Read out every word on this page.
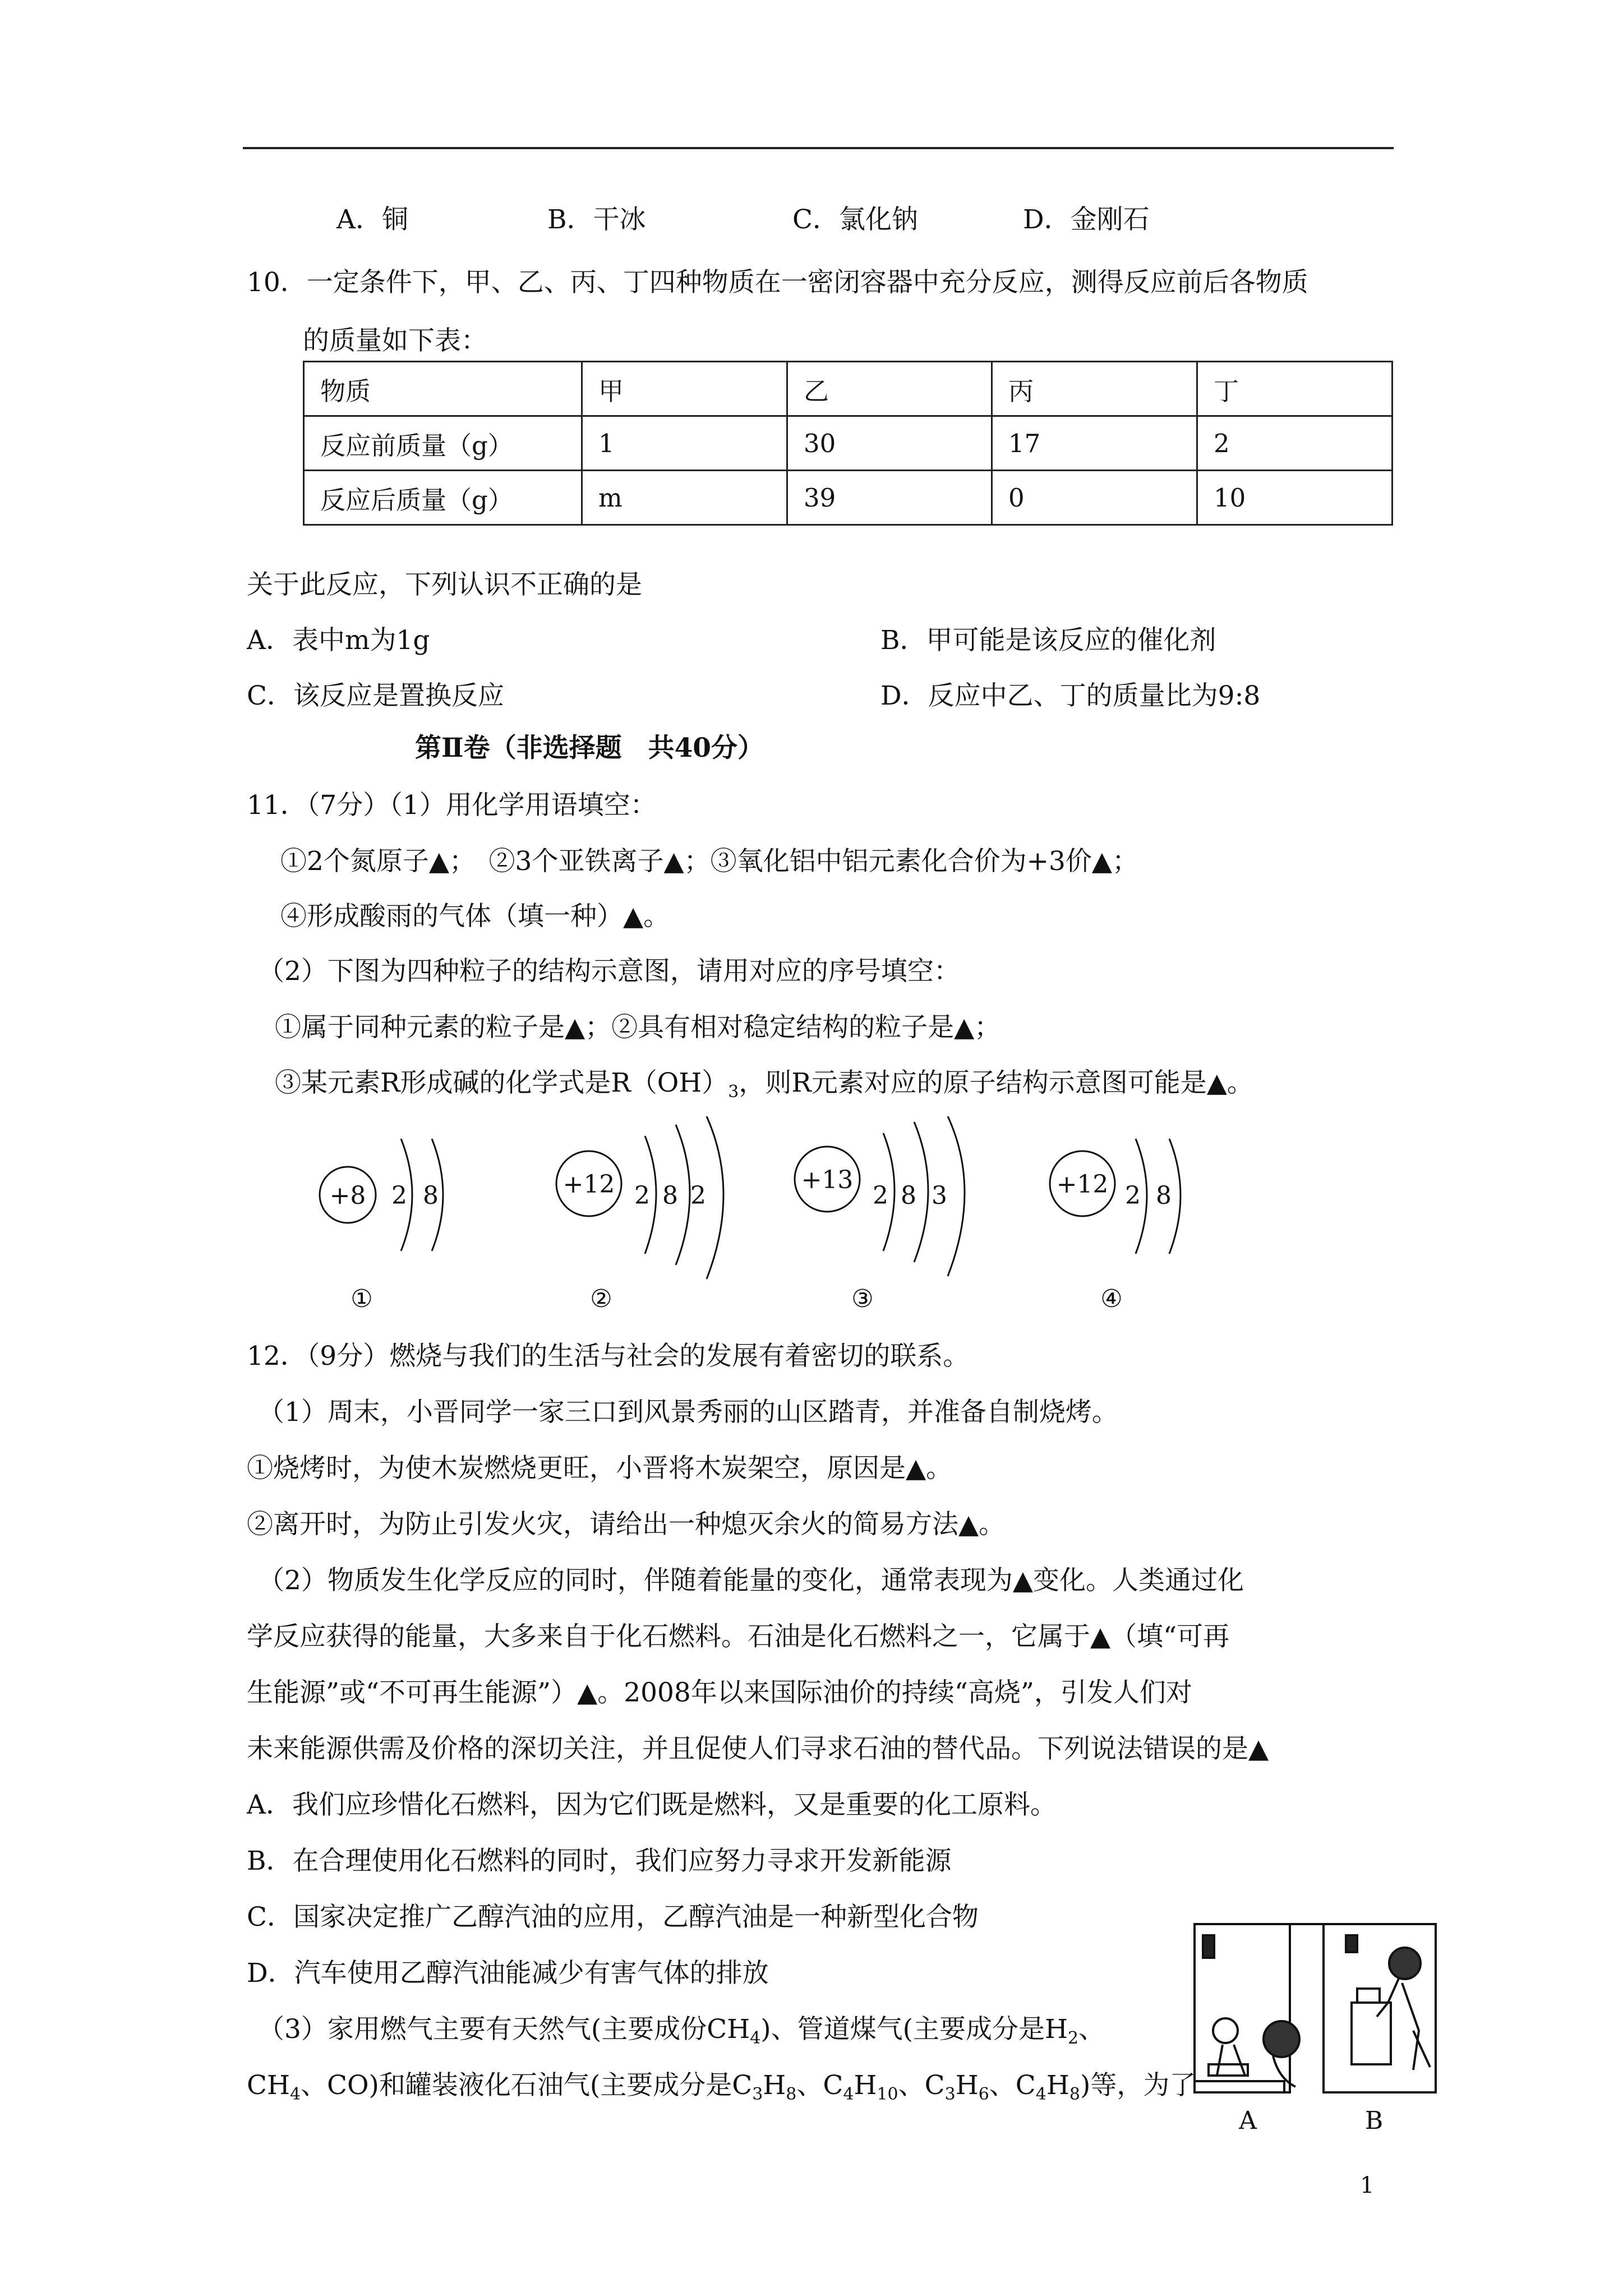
A．铜	B．干冰	C．氯化钠	D．金刚石
10．一定条件下，甲、乙、丙、丁四种物质在一密闭容器中充分反应，测得反应前后各物质
的质量如下表：
物质	甲	乙	丙	丁
反应前质量（g）	1	30	17	2
反应后质量（g）	m	39	0	10
关于此反应，下列认识不正确的是
A．表中m为1g	B．甲可能是该反应的催化剂
C．该反应是置换反应	D．反应中乙、丁的质量比为9:8
第Ⅱ卷（非选择题　共40分）
11．（7分）（1）用化学用语填空：
①2个氮原子▲；　②3个亚铁离子▲；③氧化铝中铝元素化合价为+3价▲；
④形成酸雨的气体（填一种）▲。
（2）下图为四种粒子的结构示意图，请用对应的序号填空：
①属于同种元素的粒子是▲；②具有相对稳定结构的粒子是▲；
③某元素R形成碱的化学式是$R(OH)_3$，则R元素对应的原子结构示意图可能是▲。
+8 2 8	+12 2 8 2
+13
2 8 3	+12 2 8
①	②	③	④
12．（9分）燃烧与我们的生活与社会的发展有着密切的联系。
（1）周末，小晋同学一家三口到风景秀丽的山区踏青，并准备自制烧烤。
①烧烤时，为使木炭燃烧更旺，小晋将木炭架空，原因是▲。
②离开时，为防止引发火灾，请给出一种熄灭余火的简易方法▲。
（2）物质发生化学反应的同时，伴随着能量的变化，通常表现为▲变化。人类通过化
学反应获得的能量，大多来自于化石燃料。石油是化石燃料之一，它属于▲（填“可再
生能源”或“不可再生能源”）▲。2008年以来国际油价的持续“高烧”，引发人们对
未来能源供需及价格的深切关注，并且促使人们寻求石油的替代品。下列说法错误的是▲
A．我们应珍惜化石燃料，因为它们既是燃料，又是重要的化工原料。
B．在合理使用化石燃料的同时，我们应努力寻求开发新能源
C．国家决定推广乙醇汽油的应用，乙醇汽油是一种新型化合物
D．汽车使用乙醇汽油能减少有害气体的排放
（3）家用燃气主要有天然气(主要成份$CH_4$)、管道煤气(主要成分是$H_2$、
$CH_4$、CO)和罐装液化石油气(主要成分是$C_3H_8$、$C_4H_{10}$、$C_3H_6$、$C_4H_8$)等，为了
A	B
1
